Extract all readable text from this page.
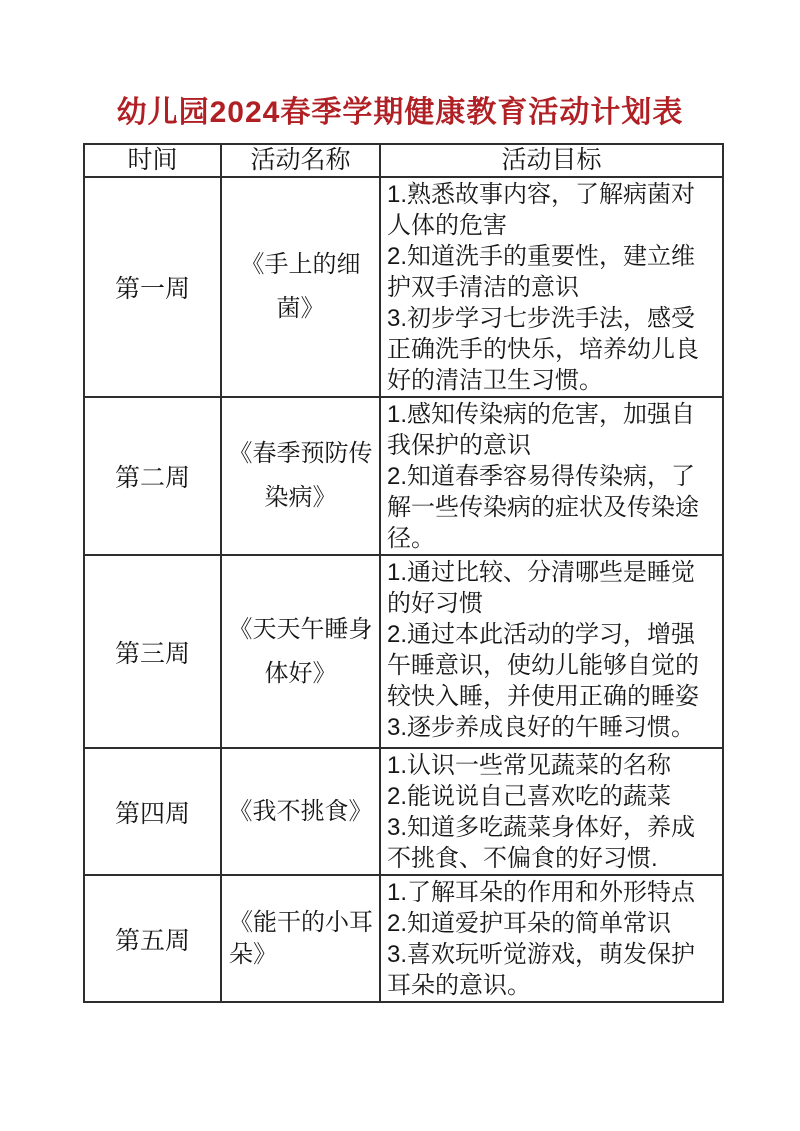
幼儿园2024春季学期健康教育活动计划表
时间	活动名称	活动目标
第一周	《手上的细菌》	1.熟悉故事内容，了解病菌对人体的危害
2.知道洗手的重要性，建立维护双手清洁的意识
3.初步学习七步洗手法，感受正确洗手的快乐，培养幼儿良好的清洁卫生习惯。

第二周	《春季预防传染病》	1.感知传染病的危害，加强自我保护的意识
2.知道春季容易得传染病，了解一些传染病的症状及传染途径。

第三周	《天天午睡身体好》	1.通过比较、分清哪些是睡觉的好习惯
2.通过本此活动的学习，增强午睡意识，使幼儿能够自觉的较快入睡，并使用正确的睡姿 3.逐步养成良好的午睡习惯。

第四周	《我不挑食》	1.认识一些常见蔬菜的名称
2.能说说自己喜欢吃的蔬菜
3.知道多吃蔬菜身体好，养成不挑食、不偏食的好习惯.

第五周	《能干的小耳朵》	1.了解耳朵的作用和外形特点
2.知道爱护耳朵的简单常识
3.喜欢玩听觉游戏，萌发保护耳朵的意识。
